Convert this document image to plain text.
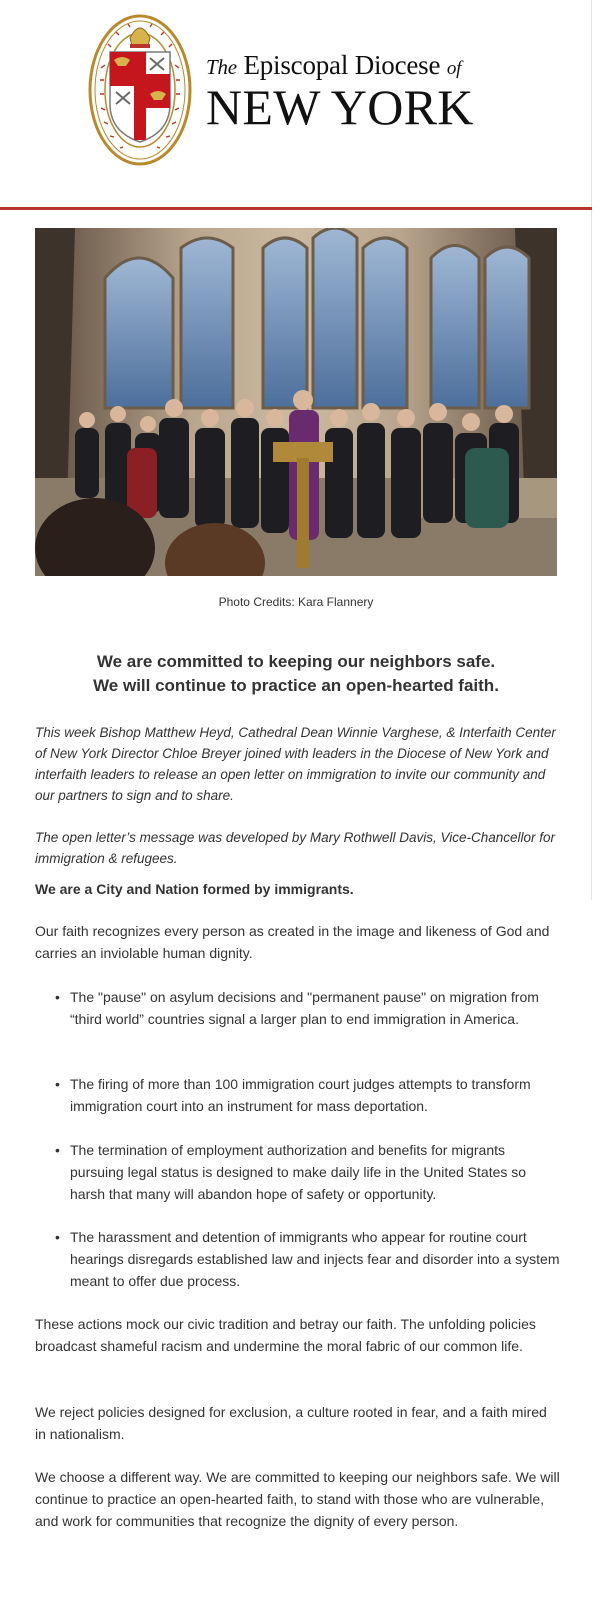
The Episcopal Diocese of
NEW YORK
Photo Credits: Kara Flannery
We are committed to keeping our neighbors safe.
We will continue to practice an open-hearted faith.

This week Bishop Matthew Heyd, Cathedral Dean Winnie Varghese, & Interfaith Center of New York Director Chloe Breyer joined with leaders in the Diocese of New York and interfaith leaders to release an open letter on immigration to invite our community and our partners to sign and to share.

The open letter’s message was developed by Mary Rothwell Davis, Vice-Chancellor for immigration & refugees.

We are a City and Nation formed by immigrants.

Our faith recognizes every person as created in the image and likeness of God and carries an inviolable human dignity.

• The "pause" on asylum decisions and "permanent pause" on migration from “third world” countries signal a larger plan to end immigration in America.
• The firing of more than 100 immigration court judges attempts to transform immigration court into an instrument for mass deportation.
• The termination of employment authorization and benefits for migrants pursuing legal status is designed to make daily life in the United States so harsh that many will abandon hope of safety or opportunity.
• The harassment and detention of immigrants who appear for routine court hearings disregards established law and injects fear and disorder into a system meant to offer due process.

These actions mock our civic tradition and betray our faith. The unfolding policies broadcast shameful racism and undermine the moral fabric of our common life.

We reject policies designed for exclusion, a culture rooted in fear, and a faith mired in nationalism.

We choose a different way. We are committed to keeping our neighbors safe. We will continue to practice an open-hearted faith, to stand with those who are vulnerable, and work for communities that recognize the dignity of every person.
